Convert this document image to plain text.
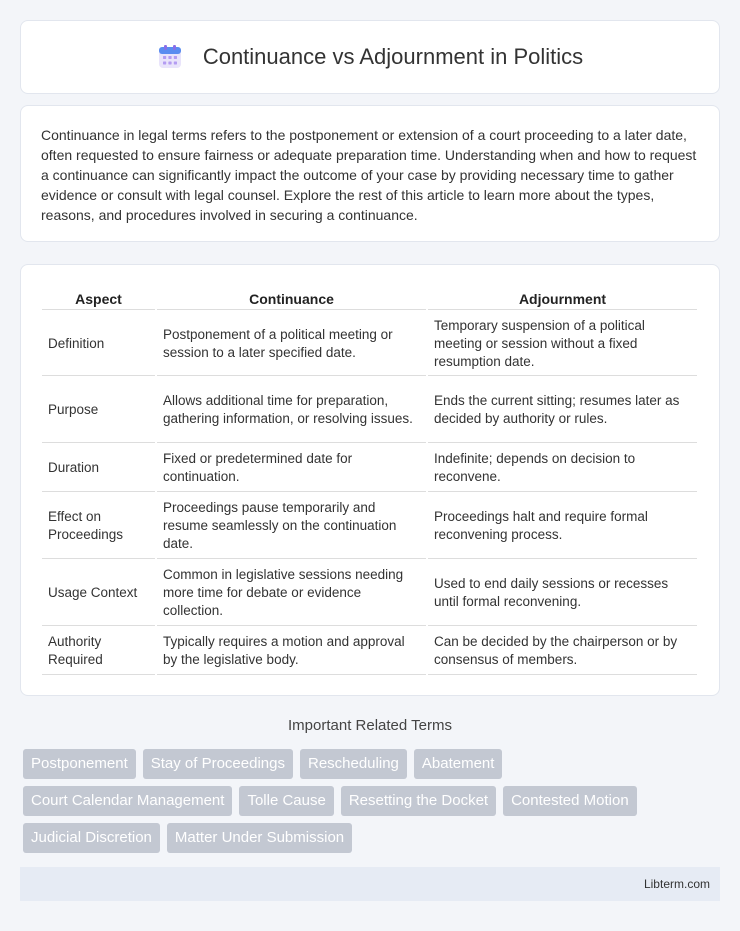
Continuance vs Adjournment in Politics

Continuance in legal terms refers to the postponement or extension of a court proceeding to a later date, often requested to ensure fairness or adequate preparation time. Understanding when and how to request a continuance can significantly impact the outcome of your case by providing necessary time to gather evidence or consult with legal counsel. Explore the rest of this article to learn more about the types, reasons, and procedures involved in securing a continuance.

Aspect	Continuance	Adjournment
Definition	Postponement of a political meeting or session to a later specified date.	Temporary suspension of a political meeting or session without a fixed resumption date.
Purpose	Allows additional time for preparation, gathering information, or resolving issues.	Ends the current sitting; resumes later as decided by authority or rules.
Duration	Fixed or predetermined date for continuation.	Indefinite; depends on decision to reconvene.
Effect on Proceedings	Proceedings pause temporarily and resume seamlessly on the continuation date.	Proceedings halt and require formal reconvening process.
Usage Context	Common in legislative sessions needing more time for debate or evidence collection.	Used to end daily sessions or recesses until formal reconvening.
Authority Required	Typically requires a motion and approval by the legislative body.	Can be decided by the chairperson or by consensus of members.
Important Related Terms
Postponement	Stay of Proceedings	Rescheduling	Abatement
Court Calendar Management	Tolle Cause	Resetting the Docket	Contested Motion
Judicial Discretion	Matter Under Submission
Libterm.com
